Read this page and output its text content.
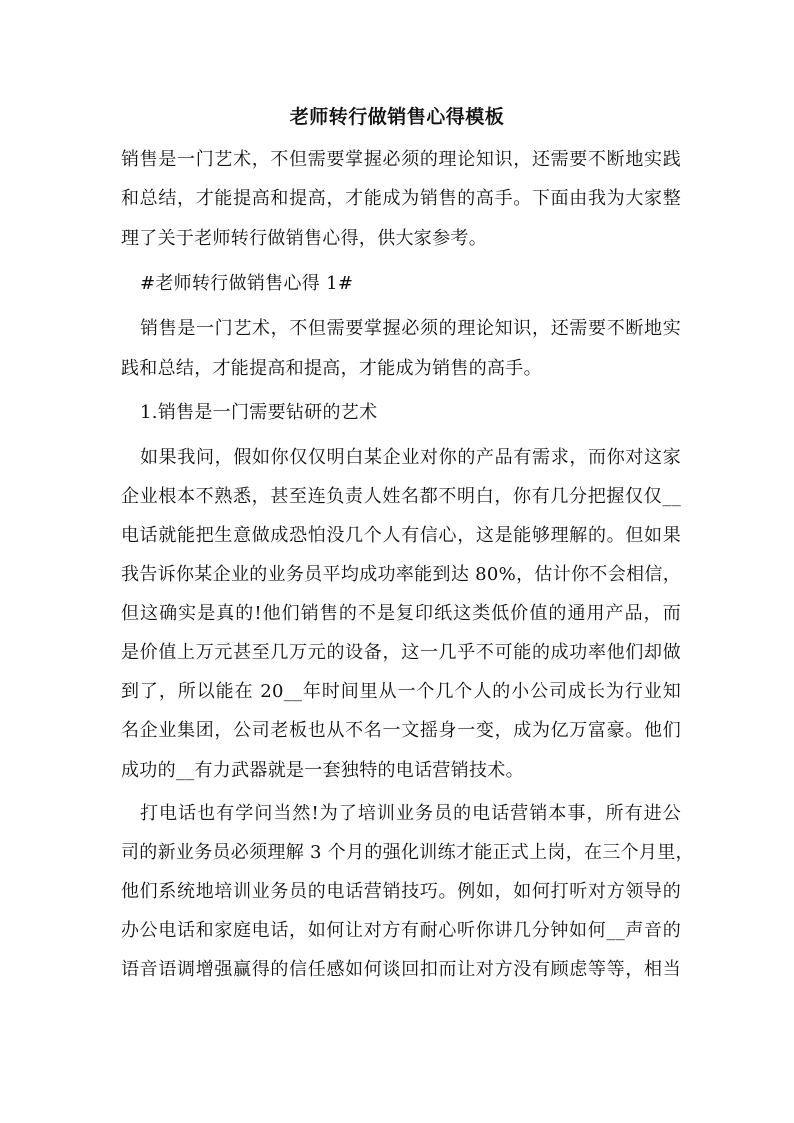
老师转行做销售心得模板
销售是一门艺术，不但需要掌握必须的理论知识，还需要不断地实践
和总结，才能提高和提高，才能成为销售的高手。下面由我为大家整
理了关于老师转行做销售心得，供大家参考。
#老师转行做销售心得 1#
销售是一门艺术，不但需要掌握必须的理论知识，还需要不断地实
践和总结，才能提高和提高，才能成为销售的高手。
1.销售是一门需要钻研的艺术
如果我问，假如你仅仅明白某企业对你的产品有需求，而你对这家
企业根本不熟悉，甚至连负责人姓名都不明白，你有几分把握仅仅__
电话就能把生意做成恐怕没几个人有信心，这是能够理解的。但如果
我告诉你某企业的业务员平均成功率能到达 80%，估计你不会相信，
但这确实是真的!他们销售的不是复印纸这类低价值的通用产品，而
是价值上万元甚至几万元的设备，这一几乎不可能的成功率他们却做
到了，所以能在 20__年时间里从一个几个人的小公司成长为行业知
名企业集团，公司老板也从不名一文摇身一变，成为亿万富豪。他们
成功的__有力武器就是一套独特的电话营销技术。
打电话也有学问当然!为了培训业务员的电话营销本事，所有进公
司的新业务员必须理解 3 个月的强化训练才能正式上岗，在三个月里，
他们系统地培训业务员的电话营销技巧。例如，如何打听对方领导的
办公电话和家庭电话，如何让对方有耐心听你讲几分钟如何__声音的
语音语调增强赢得的信任感如何谈回扣而让对方没有顾虑等等，相当
